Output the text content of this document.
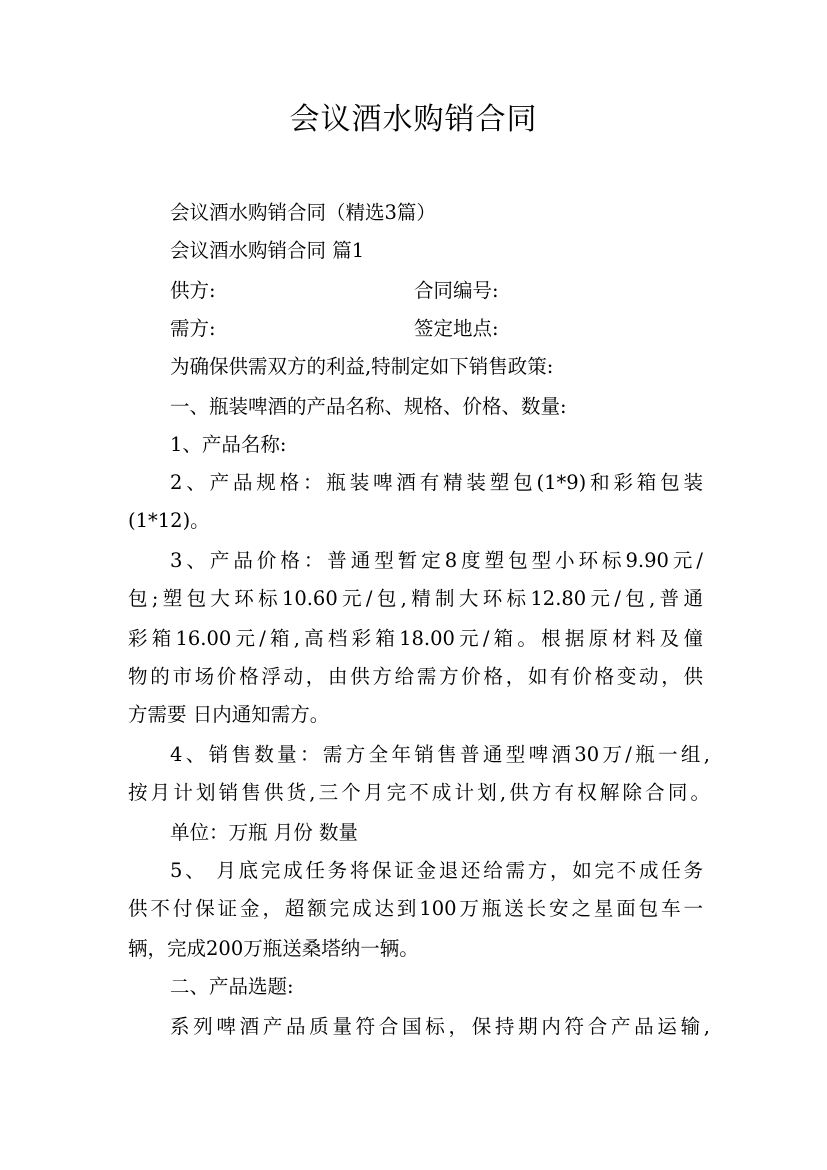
会议酒水购销合同
会议酒水购销合同（精选3篇）
会议酒水购销合同 篇1
供方:	合同编号:
需方:	签定地点:
为确保供需双方的利益,特制定如下销售政策:
一、瓶装啤酒的产品名称、规格、价格、数量:
1、产品名称:
2、产品规格：瓶装啤酒有精装塑包(1*9)和彩箱包装
(1*12)。
3、产品价格：普通型暂定8度塑包型小环标9.90元/
包;塑包大环标10.60元/包,精制大环标12.80元/包,普通
彩箱16.00元/箱,高档彩箱18.00元/箱。根据原材料及僮
物的市场价格浮动，由供方给需方价格，如有价格变动，供
方需要 日内通知需方。
4、销售数量：需方全年销售普通型啤酒30万/瓶一组,
按月计划销售供货,三个月完不成计划,供方有权解除合同。
单位：万瓶 月份 数量
5、 月底完成任务将保证金退还给需方，如完不成任务
供不付保证金，超额完成达到100万瓶送长安之星面包车一
辆，完成200万瓶送桑塔纳一辆。
二、产品选题:
系列啤酒产品质量符合国标，保持期内符合产品运输,
